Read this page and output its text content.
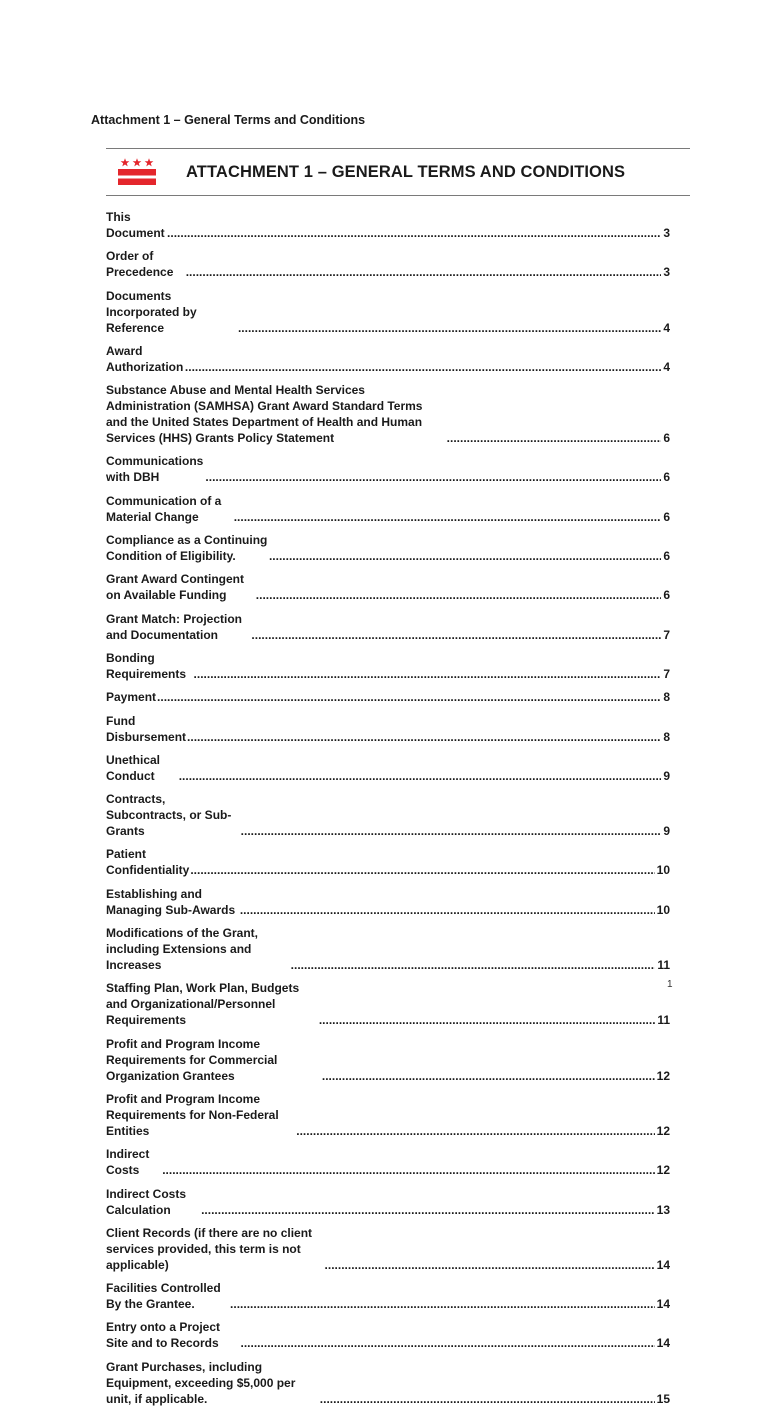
Attachment 1 – General Terms and Conditions
ATTACHMENT 1 – GENERAL TERMS AND CONDITIONS
This Document .....	3
Order of Precedence .....	3
Documents Incorporated by Reference .....	4
Award Authorization .....	4
Substance Abuse and Mental Health Services Administration (SAMHSA) Grant Award Standard Terms and the United States Department of Health and Human Services (HHS) Grants Policy Statement .....	6
Communications with DBH .....	6
Communication of a Material Change .....	6
Compliance as a Continuing Condition of Eligibility. .....	6
Grant Award Contingent on Available Funding .....	6
Grant Match: Projection and Documentation .....	7
Bonding Requirements .....	7
Payment .....	8
Fund Disbursement .....	8
Unethical Conduct .....	9
Contracts, Subcontracts, or Sub-Grants .....	9
Patient Confidentiality .....	10
Establishing and Managing Sub-Awards .....	10
Modifications of the Grant, including Extensions and Increases .....	11
Staffing Plan, Work Plan, Budgets and Organizational/Personnel Requirements .....	11
Profit and Program Income Requirements for Commercial Organization Grantees .....	12
Profit and Program Income Requirements for Non-Federal Entities .....	12
Indirect Costs .....	12
Indirect Costs Calculation .....	13
Client Records (if there are no client services provided, this term is not applicable) .....	14
Facilities Controlled By the Grantee. .....	14
Entry onto a Project Site and to Records .....	14
Grant Purchases, including Equipment, exceeding $5,000 per unit, if applicable. .....	15
1
